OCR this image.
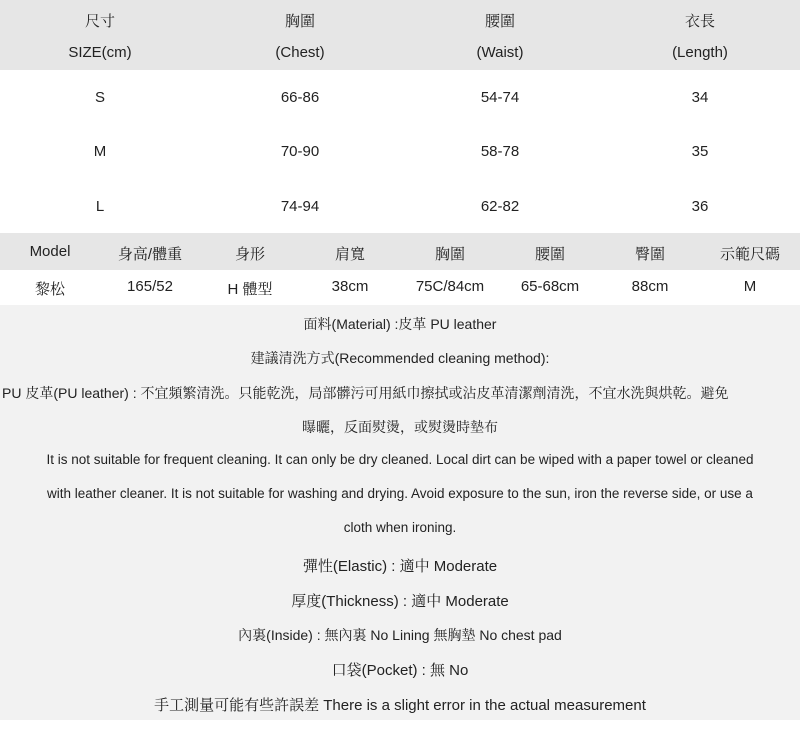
尺寸	胸圍	腰圍	衣長
SIZE(cm)	(Chest)	(Waist)	(Length)
S	66-86	54-74	34
M	70-90	58-78	35
L	74-94	62-82	36
Model	身高/體重	身形	肩寬	胸圍	腰圍	臀圍	示範尺碼
黎松	165/52	H 體型	38cm	75C/84cm	65-68cm	88cm	M
面料(Material) :皮革 PU leather
建議清洗方式(Recommended cleaning method):
PU 皮革(PU leather) : 不宜頻繁清洗。只能乾洗，局部髒污可用紙巾擦拭或沾皮革清潔劑清洗，不宜水洗與烘乾。避免
曝曬，反面熨燙，或熨燙時墊布
It is not suitable for frequent cleaning. It can only be dry cleaned. Local dirt can be wiped with a paper towel or cleaned
with leather cleaner. It is not suitable for washing and drying. Avoid exposure to the sun, iron the reverse side, or use a
cloth when ironing.
彈性(Elastic) : 適中 Moderate
厚度(Thickness) : 適中 Moderate
內裏(Inside) : 無內裏 No Lining 無胸墊 No chest pad
口袋(Pocket) : 無 No
手工測量可能有些許誤差 There is a slight error in the actual measurement
